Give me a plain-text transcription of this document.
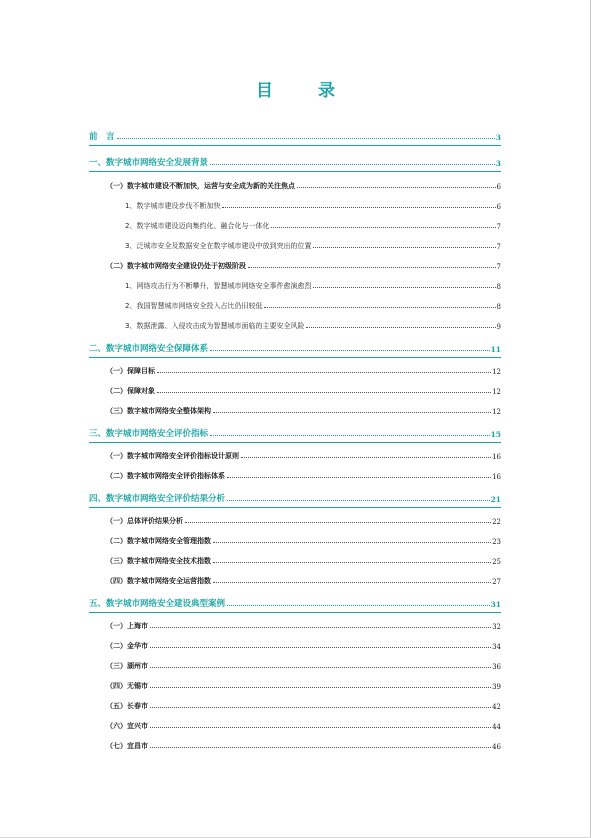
目　录
前　言	3
一、数字城市网络安全发展背景	3
（一）数字城市建设不断加快，运营与安全成为新的关注焦点	6
1、数字城市建设步伐不断加快	6
2、数字城市建设迈向集约化、融合化与一体化	7
3、泛城市安全及数据安全在数字城市建设中放到突出的位置	7
（二）数字城市网络安全建设仍处于初级阶段	7
1、网络攻击行为不断攀升，智慧城市网络安全事件愈演愈烈	8
2、我国智慧城市网络安全投入占比仍旧较低	8
3、数据泄露、入侵攻击成为智慧城市面临的主要安全风险	9
二、数字城市网络安全保障体系	11
（一）保障目标	12
（二）保障对象	12
（三）数字城市网络安全整体架构	12
三、数字城市网络安全评价指标	15
（一）数字城市网络安全评价指标设计原则	16
（二）数字城市网络安全评价指标体系	16
四、数字城市网络安全评价结果分析	21
（一）总体评价结果分析	22
（二）数字城市网络安全管理指数	23
（三）数字城市网络安全技术指数	25
（四）数字城市网络安全运营指数	27
五、数字城市网络安全建设典型案例	31
（一）上海市	32
（二）金华市	34
（三）湖州市	36
（四）无锡市	39
（五）长春市	42
（六）宜兴市	44
（七）宜昌市	46
